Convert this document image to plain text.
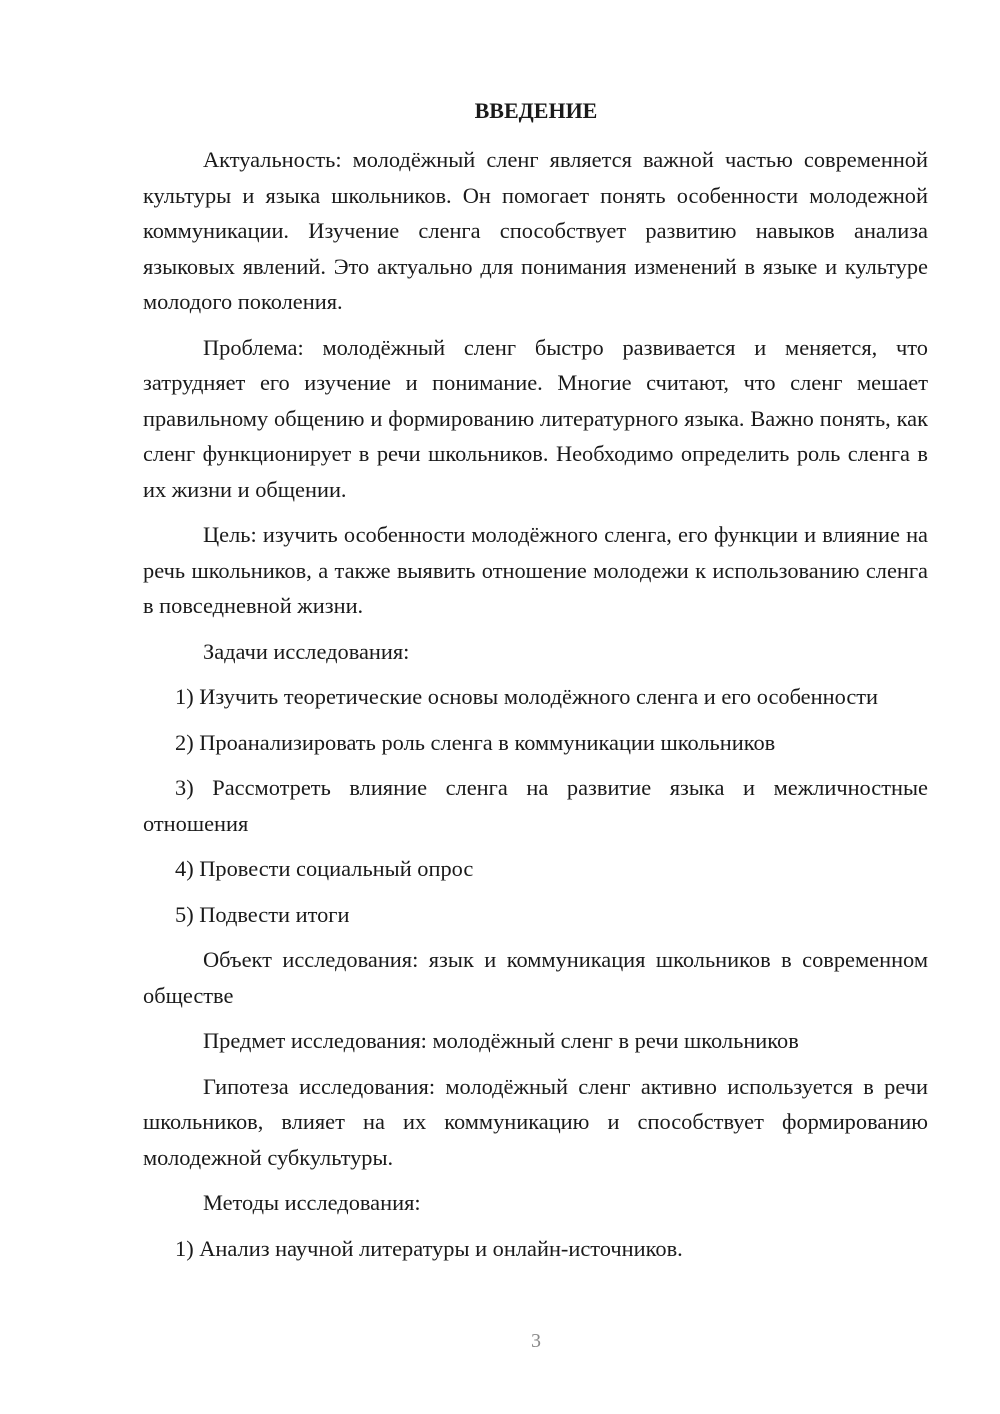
ВВЕДЕНИЕ

Актуальность: молодёжный сленг является важной частью современной культуры и языка школьников. Он помогает понять особенности молодежной коммуникации. Изучение сленга способствует развитию навыков анализа языковых явлений. Это актуально для понимания изменений в языке и культуре молодого поколения.

Проблема: молодёжный сленг быстро развивается и меняется, что затрудняет его изучение и понимание. Многие считают, что сленг мешает правильному общению и формированию литературного языка. Важно понять, как сленг функционирует в речи школьников. Необходимо определить роль сленга в их жизни и общении.

Цель: изучить особенности молодёжного сленга, его функции и влияние на речь школьников, а также выявить отношение молодежи к использованию сленга в повседневной жизни.

Задачи исследования:

1) Изучить теоретические основы молодёжного сленга и его особенности

2) Проанализировать роль сленга в коммуникации школьников

3) Рассмотреть влияние сленга на развитие языка и межличностные отношения

4) Провести социальный опрос

5) Подвести итоги

Объект исследования: язык и коммуникация школьников в современном обществе

Предмет исследования: молодёжный сленг в речи школьников

Гипотеза исследования: молодёжный сленг активно используется в речи школьников, влияет на их коммуникацию и способствует формированию молодежной субкультуры.

Методы исследования:

1) Анализ научной литературы и онлайн-источников.

3
